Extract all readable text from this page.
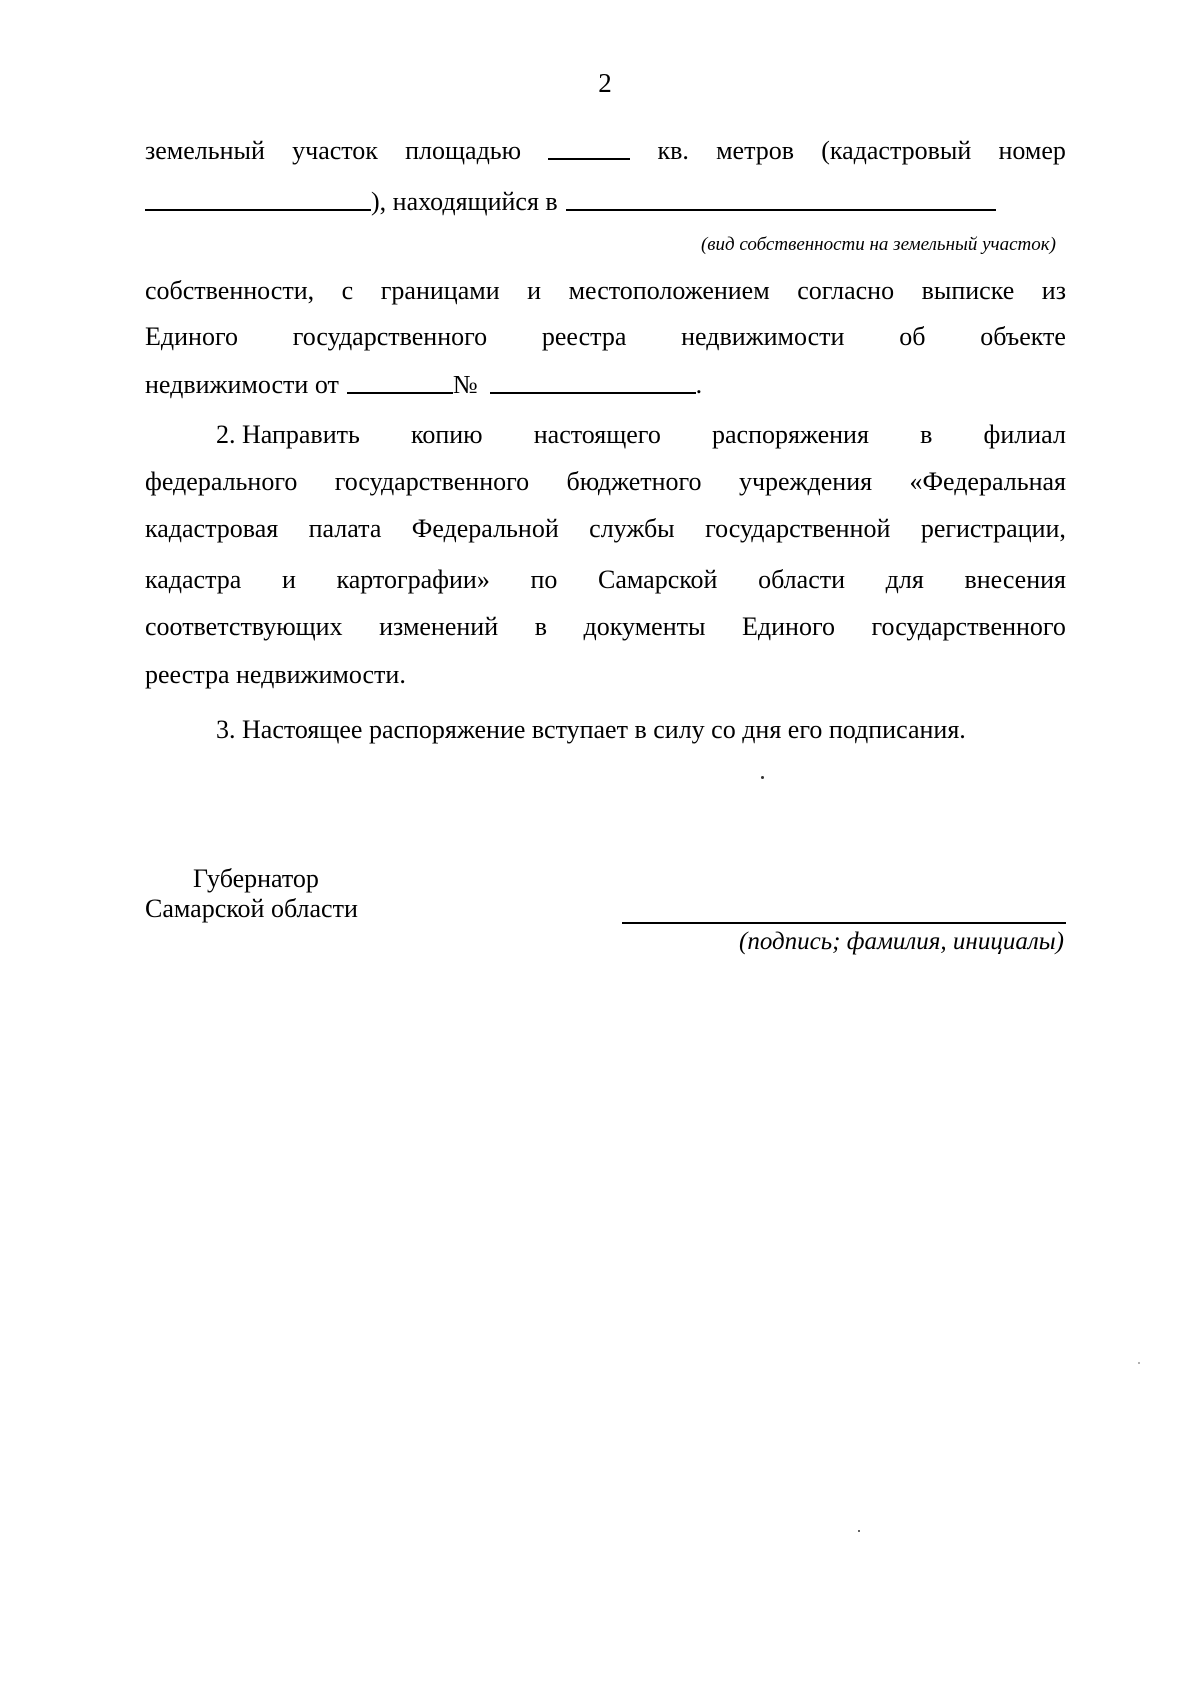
2
земельный участок площадью	кв. метров (кадастровый номер
), находящийся в
(вид собственности на земельный участок)
собственности, с границами и местоположением согласно выписке из
Единого государственного реестра недвижимости об объекте
недвижимости от	№	.
2. Направить копию настоящего распоряжения в филиал
федерального государственного бюджетного учреждения «Федеральная
кадастровая палата Федеральной службы государственной регистрации,
кадастра и картографии» по Самарской области для внесения
соответствующих изменений в документы Единого государственного
реестра недвижимости.
3. Настоящее распоряжение вступает в силу со дня его подписания.
Губернатор
Самарской области
(подпись; фамилия, инициалы)
